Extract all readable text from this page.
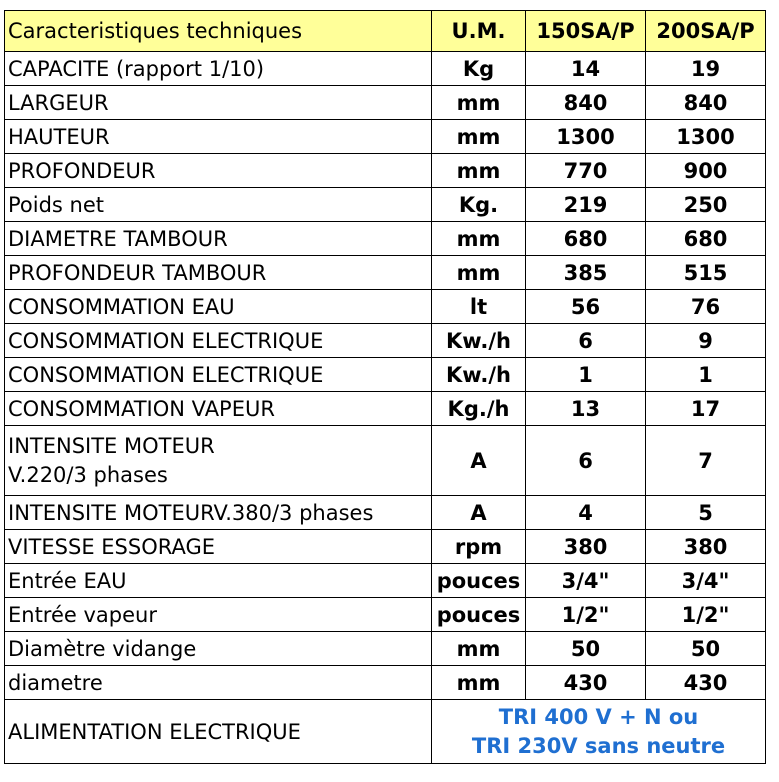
Caracteristiques techniques	U.M.	150SA/P	200SA/P
CAPACITE (rapport 1/10)	Kg	14	19
LARGEUR	mm	840	840
HAUTEUR	mm	1300	1300
PROFONDEUR	mm	770	900
Poids net	Kg.	219	250
DIAMETRE TAMBOUR	mm	680	680
PROFONDEUR TAMBOUR	mm	385	515
CONSOMMATION EAU	lt	56	76
CONSOMMATION ELECTRIQUE	Kw./h	6	9
CONSOMMATION ELECTRIQUE	Kw./h	1	1
CONSOMMATION VAPEUR	Kg./h	13	17

INTENSITE MOTEUR
V.220/3 phases	A	6	7
INTENSITE MOTEURV.380/3 phases	A	4	5
VITESSE ESSORAGE	rpm	380	380
Entrée EAU	pouces	3/4"	3/4"
Entrée vapeur	pouces	1/2"	1/2"
Diamètre vidange	mm	50	50
diametre	mm	430	430
ALIMENTATION ELECTRIQUE	TRI 400 V + N ou
TRI 230V sans neutre		
